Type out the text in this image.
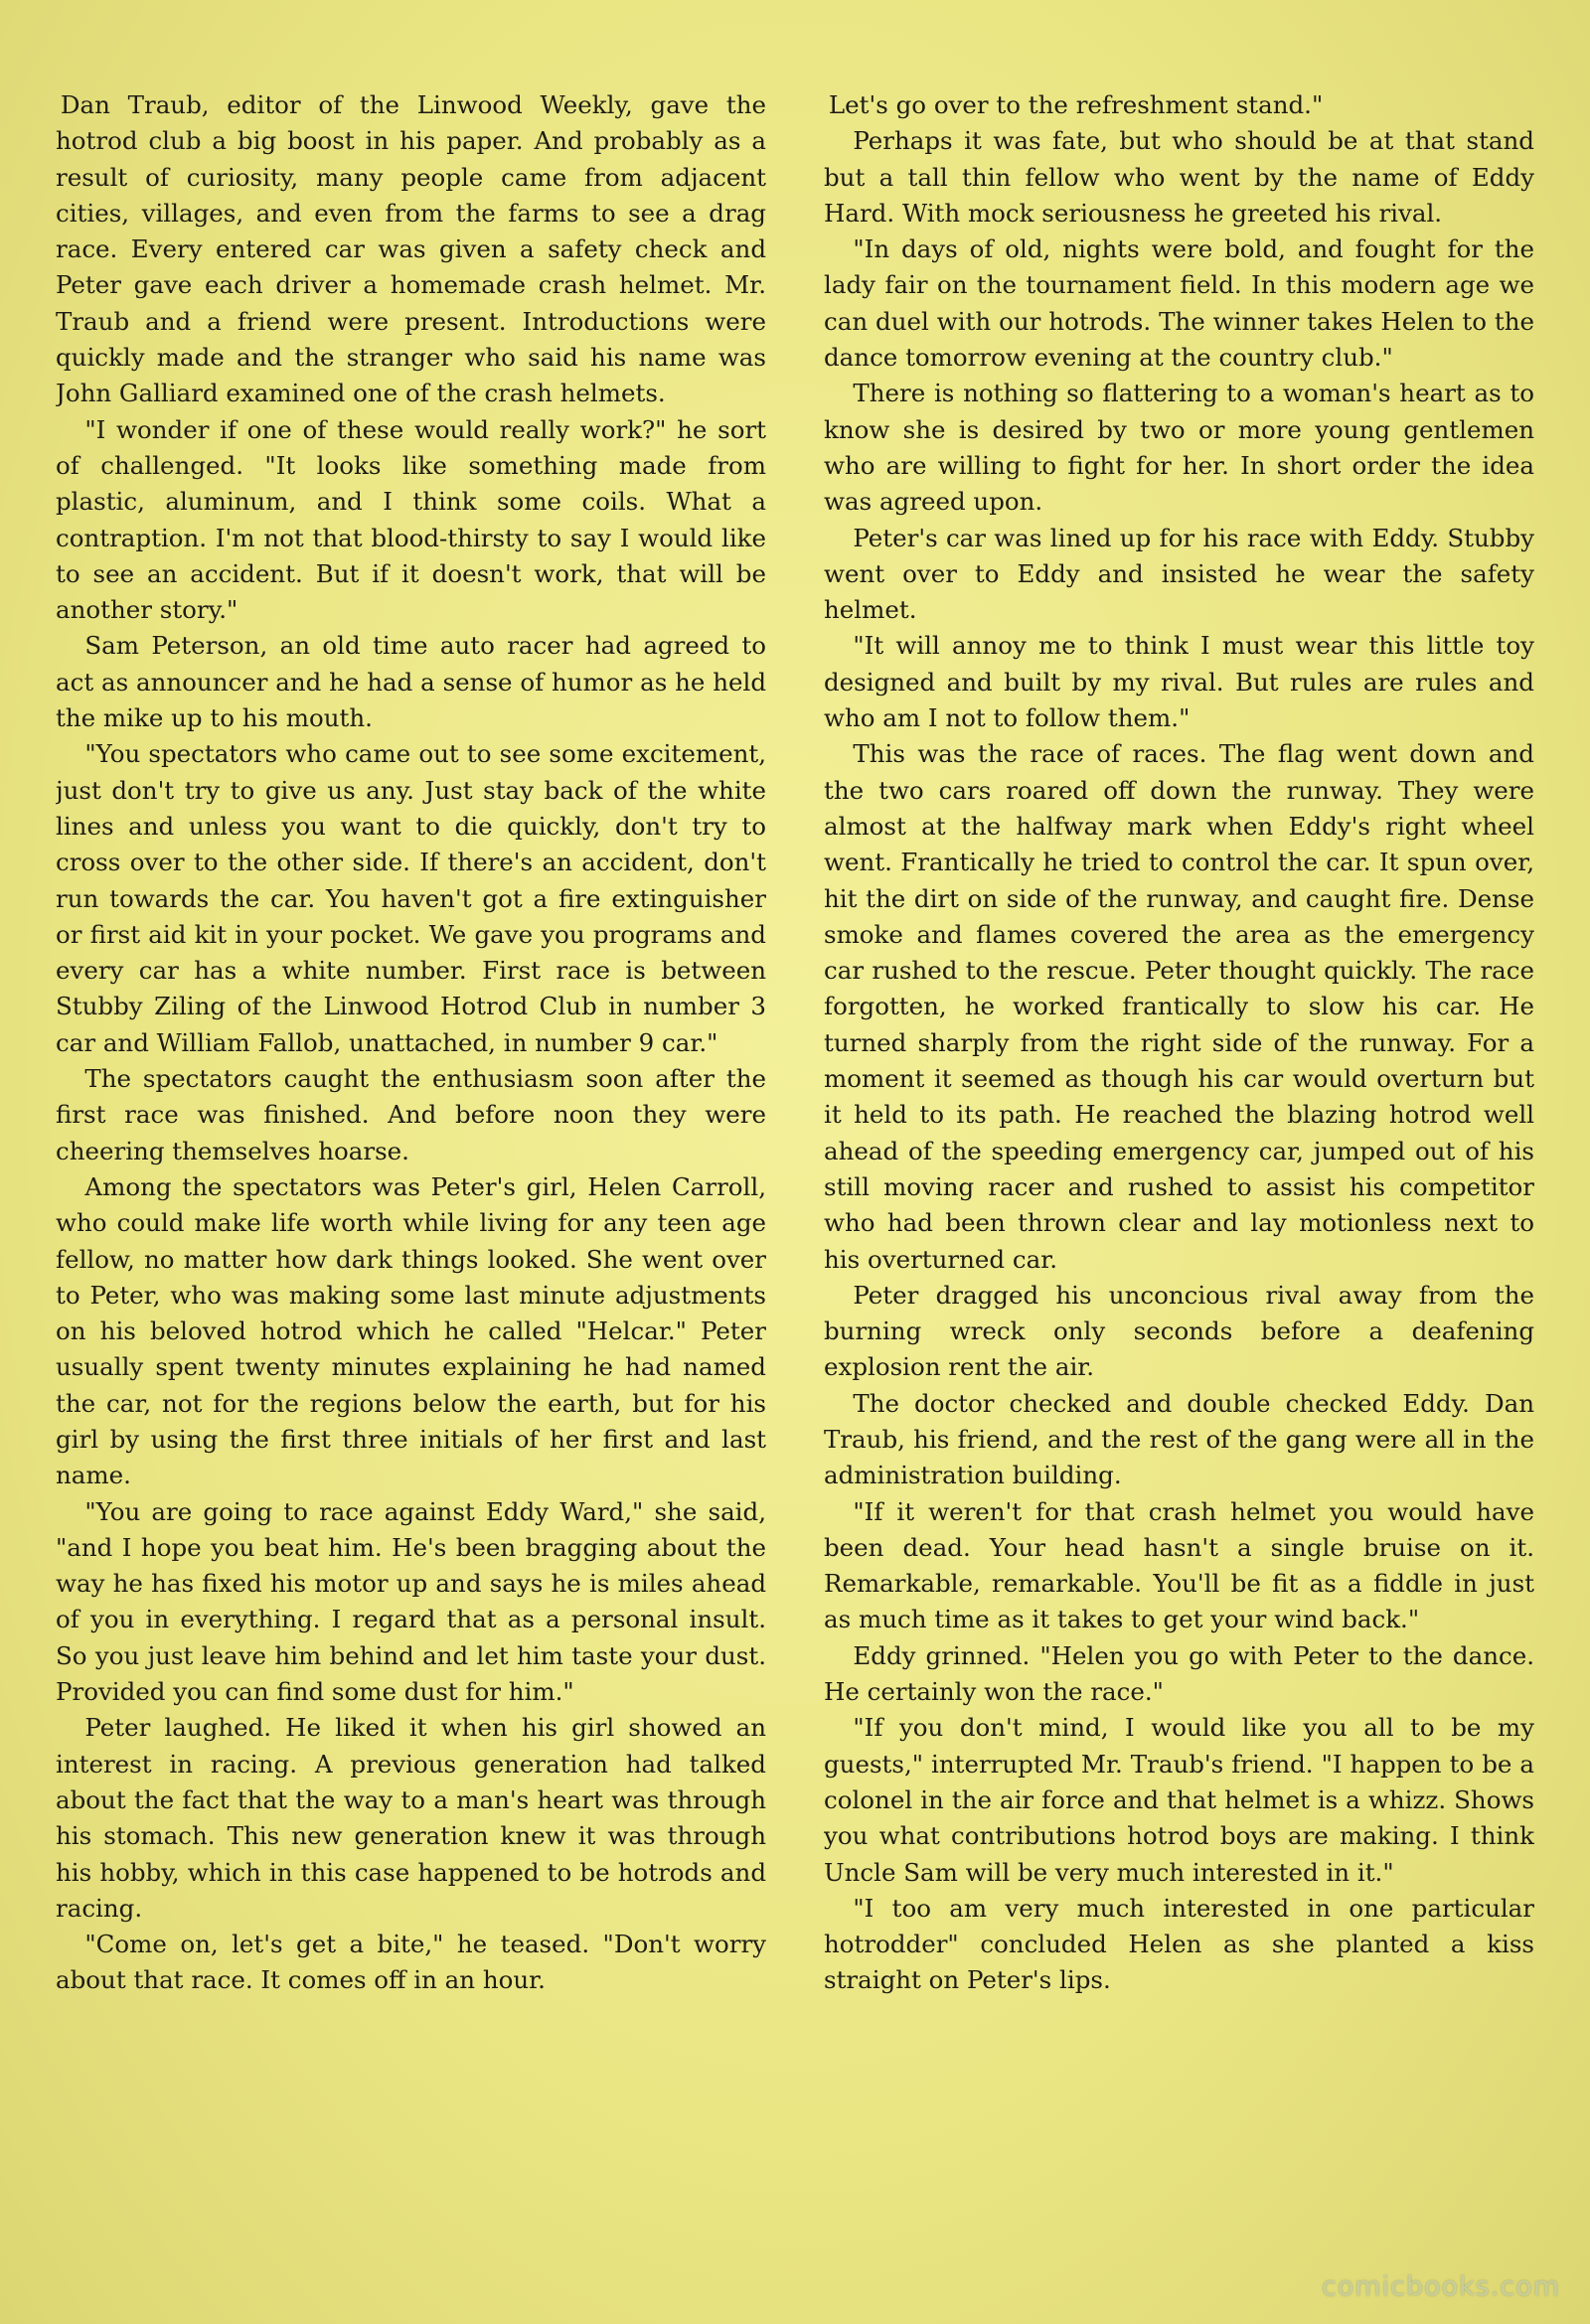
Dan Traub, editor of the Linwood Weekly, gave the hotrod club a big boost in his paper. And probably as a result of curiosity, many people came from adjacent cities, villages, and even from the farms to see a drag race. Every entered car was given a safety check and Peter gave each driver a homemade crash helmet. Mr. Traub and a friend were present. Introductions were quickly made and the stranger who said his name was John Galliard examined one of the crash helmets.

"I wonder if one of these would really work?" he sort of challenged. "It looks like something made from plastic, aluminum, and I think some coils. What a contraption. I'm not that blood-thirsty to say I would like to see an accident. But if it doesn't work, that will be another story."

Sam Peterson, an old time auto racer had agreed to act as announcer and he had a sense of humor as he held the mike up to his mouth.

"You spectators who came out to see some excitement, just don't try to give us any. Just stay back of the white lines and unless you want to die quickly, don't try to cross over to the other side. If there's an accident, don't run towards the car. You haven't got a fire extinguisher or first aid kit in your pocket. We gave you programs and every car has a white number. First race is between Stubby Ziling of the Linwood Hotrod Club in number 3 car and William Fallob, unattached, in number 9 car."

The spectators caught the enthusiasm soon after the first race was finished. And before noon they were cheering themselves hoarse.

Among the spectators was Peter's girl, Helen Carroll, who could make life worth while living for any teen age fellow, no matter how dark things looked. She went over to Peter, who was making some last minute adjustments on his beloved hotrod which he called "Helcar." Peter usually spent twenty minutes explaining he had named the car, not for the regions below the earth, but for his girl by using the first three initials of her first and last name.

"You are going to race against Eddy Ward," she said, "and I hope you beat him. He's been bragging about the way he has fixed his motor up and says he is miles ahead of you in everything. I regard that as a personal insult. So you just leave him behind and let him taste your dust. Provided you can find some dust for him."

Peter laughed. He liked it when his girl showed an interest in racing. A previous generation had talked about the fact that the way to a man's heart was through his stomach. This new generation knew it was through his hobby, which in this case happened to be hotrods and racing.

"Come on, let's get a bite," he teased. "Don't worry about that race. It comes off in an hour.

Let's go over to the refreshment stand."

Perhaps it was fate, but who should be at that stand but a tall thin fellow who went by the name of Eddy Hard. With mock seriousness he greeted his rival.

"In days of old, nights were bold, and fought for the lady fair on the tournament field. In this modern age we can duel with our hotrods. The winner takes Helen to the dance tomorrow evening at the country club."

There is nothing so flattering to a woman's heart as to know she is desired by two or more young gentlemen who are willing to fight for her. In short order the idea was agreed upon.

Peter's car was lined up for his race with Eddy. Stubby went over to Eddy and insisted he wear the safety helmet.

"It will annoy me to think I must wear this little toy designed and built by my rival. But rules are rules and who am I not to follow them."

This was the race of races. The flag went down and the two cars roared off down the runway. They were almost at the halfway mark when Eddy's right wheel went. Frantically he tried to control the car. It spun over, hit the dirt on side of the runway, and caught fire. Dense smoke and flames covered the area as the emergency car rushed to the rescue. Peter thought quickly. The race forgotten, he worked frantically to slow his car. He turned sharply from the right side of the runway. For a moment it seemed as though his car would overturn but it held to its path. He reached the blazing hotrod well ahead of the speeding emergency car, jumped out of his still moving racer and rushed to assist his competitor who had been thrown clear and lay motionless next to his overturned car.

Peter dragged his unconcious rival away from the burning wreck only seconds before a deafening explosion rent the air.

The doctor checked and double checked Eddy. Dan Traub, his friend, and the rest of the gang were all in the administration building.

"If it weren't for that crash helmet you would have been dead. Your head hasn't a single bruise on it. Remarkable, remarkable. You'll be fit as a fiddle in just as much time as it takes to get your wind back."

Eddy grinned. "Helen you go with Peter to the dance. He certainly won the race."

"If you don't mind, I would like you all to be my guests," interrupted Mr. Traub's friend. "I happen to be a colonel in the air force and that helmet is a whizz. Shows you what contributions hotrod boys are making. I think Uncle Sam will be very much interested in it."

"I too am very much interested in one particular hotrodder" concluded Helen as she planted a kiss straight on Peter's lips.

comicbooks.com
